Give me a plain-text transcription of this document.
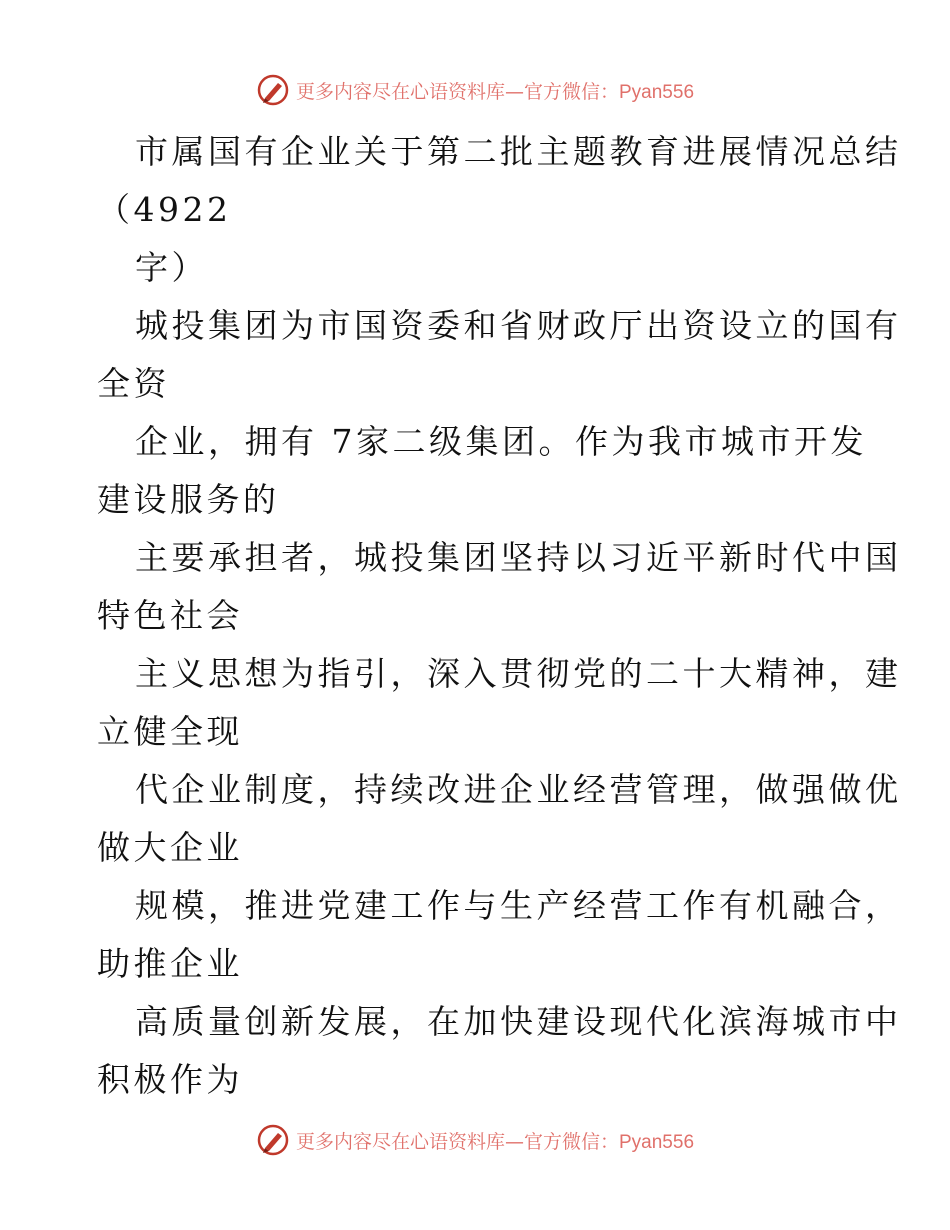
更多内容尽在心语资料库—官方微信：Pyan556
市属国有企业关于第二批主题教育进展情况总结
（4922
字）
城投集团为市国资委和省财政厅出资设立的国有
全资
企业，拥有 7家二级集团。作为我市城市开发
建设服务的
主要承担者，城投集团坚持以习近平新时代中国
特色社会
主义思想为指引，深入贯彻党的二十大精神，建
立健全现
代企业制度，持续改进企业经营管理，做强做优
做大企业
规模，推进党建工作与生产经营工作有机融合，
助推企业
高质量创新发展，在加快建设现代化滨海城市中
积极作为
更多内容尽在心语资料库—官方微信：Pyan556
